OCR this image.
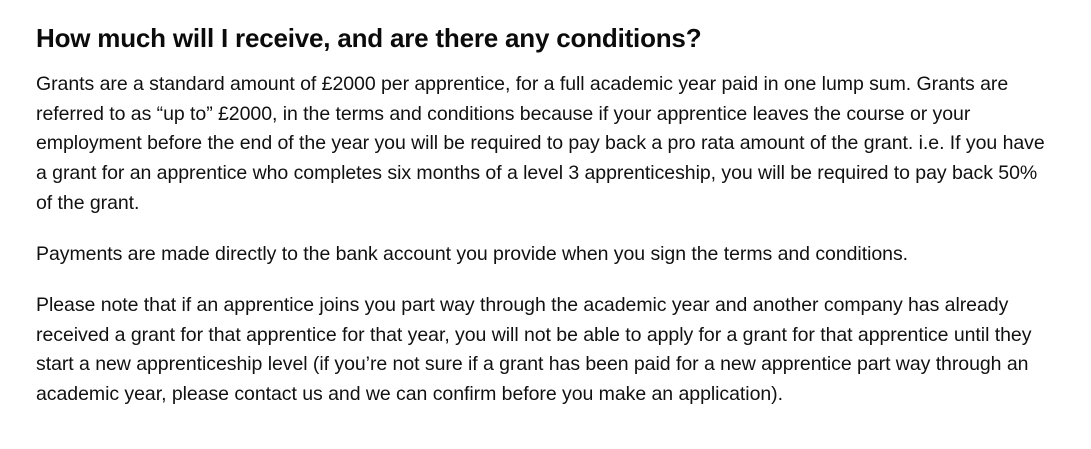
How much will I receive, and are there any conditions?

Grants are a standard amount of £2000 per apprentice, for a full academic year paid in one lump sum. Grants are referred to as “up to” £2000, in the terms and conditions because if your apprentice leaves the course or your employment before the end of the year you will be required to pay back a pro rata amount of the grant. i.e. If you have a grant for an apprentice who completes six months of a level 3 apprenticeship, you will be required to pay back 50% of the grant.

Payments are made directly to the bank account you provide when you sign the terms and conditions.

Please note that if an apprentice joins you part way through the academic year and another company has already received a grant for that apprentice for that year, you will not be able to apply for a grant for that apprentice until they start a new apprenticeship level (if you’re not sure if a grant has been paid for a new apprentice part way through an academic year, please contact us and we can confirm before you make an application).
